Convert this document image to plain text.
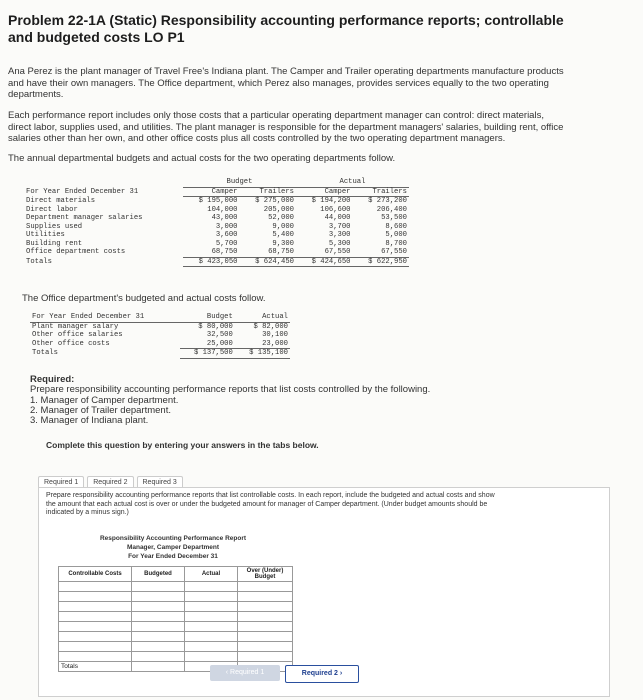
Problem 22-1A (Static) Responsibility accounting performance reports; controllable and budgeted costs LO P1
Ana Perez is the plant manager of Travel Free's Indiana plant. The Camper and Trailer operating departments manufacture products and have their own managers. The Office department, which Perez also manages, provides services equally to the two operating departments.
Each performance report includes only those costs that a particular operating department manager can control: direct materials, direct labor, supplies used, and utilities. The plant manager is responsible for the department managers' salaries, building rent, office salaries other than her own, and other office costs plus all costs controlled by the two operating department managers.
The annual departmental budgets and actual costs for the two operating departments follow.
	Budget		Actual	
For Year Ended December 31	Camper	Trailers	Camper	Trailers
Direct materials	$ 195,000	$ 275,000	$ 194,200	$ 273,200
Direct labor	104,000	205,000	106,600	206,400
Department manager salaries	43,000	52,000	44,000	53,500
Supplies used	3,000	9,000	3,700	8,600
Utilities	3,600	5,400	3,300	5,000
Building rent	5,700	9,300	5,300	8,700
Office department costs	68,750	68,750	67,550	67,550
Totals	$ 423,050	$ 624,450	$ 424,650	$ 622,950
The Office department's budgeted and actual costs follow.
For Year Ended December 31	Budget	Actual
Plant manager salary	$ 80,000	$ 82,000
Other office salaries	32,500	30,100
Other office costs	25,000	23,000
Totals	$ 137,500	$ 135,100
Required:
Prepare responsibility accounting performance reports that list costs controlled by the following.
1. Manager of Camper department.
2. Manager of Trailer department.
3. Manager of Indiana plant.
Complete this question by entering your answers in the tabs below.
Required 1	Required 2	Required 3
Prepare responsibility accounting performance reports that list controllable costs. In each report, include the budgeted and actual costs and show the amount that each actual cost is over or under the budgeted amount for manager of Camper department. (Under budget amounts should be indicated by a minus sign.)
Responsibility Accounting Performance Report
Manager, Camper Department
For Year Ended December 31
Controllable Costs	Budgeted	Actual	Over (Under) Budget

Totals			
‹ Required 1	Required 2 ›
